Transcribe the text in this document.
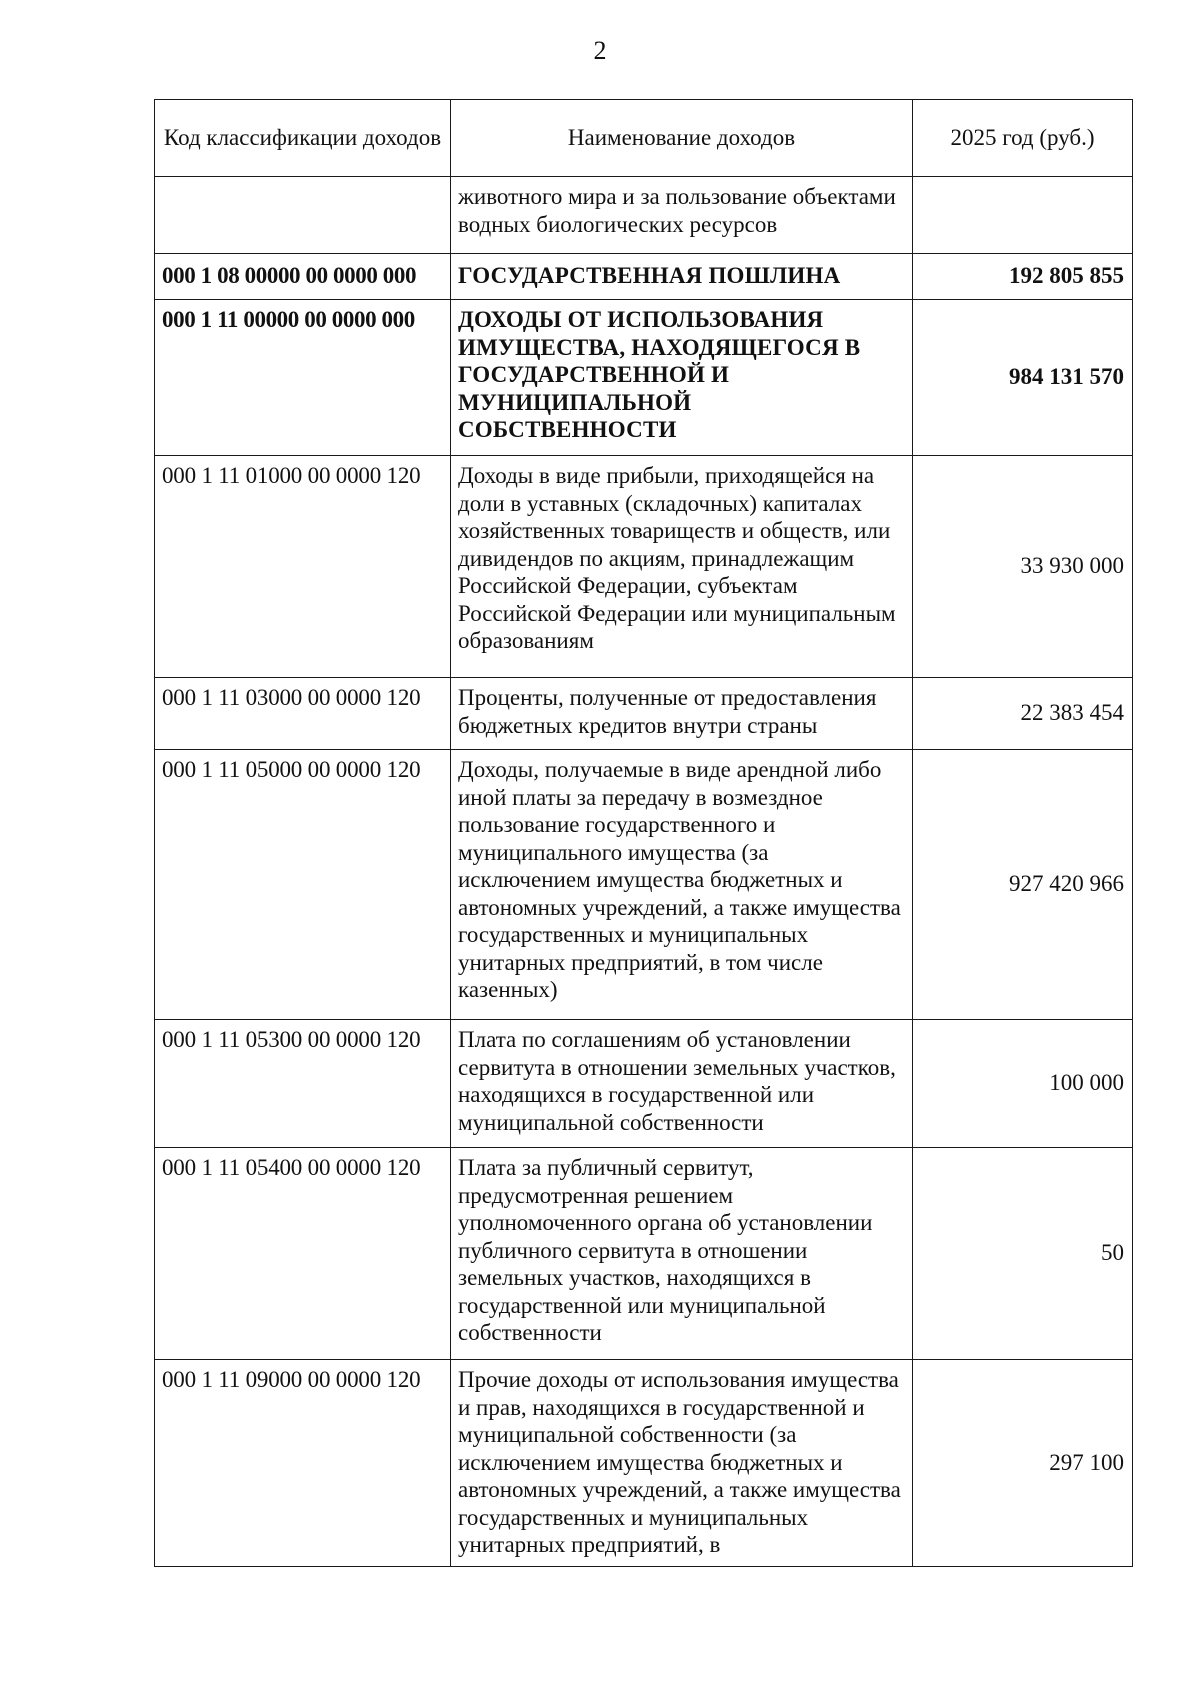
2
Код классификации доходов	Наименование доходов	2025 год (руб.)
	животного мира и за пользование объектами водных биологических ресурсов	
000 1 08 00000 00 0000 000	ГОСУДАРСТВЕННАЯ ПОШЛИНА	192 805 855
000 1 11 00000 00 0000 000	ДОХОДЫ ОТ ИСПОЛЬЗОВАНИЯ ИМУЩЕСТВА, НАХОДЯЩЕГОСЯ В ГОСУДАРСТВЕННОЙ И МУНИЦИПАЛЬНОЙ СОБСТВЕННОСТИ	984 131 570
000 1 11 01000 00 0000 120	Доходы в виде прибыли, приходящейся на доли в уставных (складочных) капиталах хозяйственных товариществ и обществ, или дивидендов по акциям, принадлежащим Российской Федерации, субъектам Российской Федерации или муниципальным образованиям	33 930 000
000 1 11 03000 00 0000 120	Проценты, полученные от предоставления бюджетных кредитов внутри страны	22 383 454
000 1 11 05000 00 0000 120	Доходы, получаемые в виде арендной либо иной платы за передачу в возмездное пользование государственного и муниципального имущества (за исключением имущества бюджетных и автономных учреждений, а также имущества государственных и муниципальных унитарных предприятий, в том числе казенных)	927 420 966
000 1 11 05300 00 0000 120	Плата по соглашениям об установлении сервитута в отношении земельных участков, находящихся в государственной или муниципальной собственности	100 000
000 1 11 05400 00 0000 120	Плата за публичный сервитут, предусмотренная решением уполномоченного органа об установлении публичного сервитута в отношении земельных участков, находящихся в государственной или муниципальной собственности	50
000 1 11 09000 00 0000 120	Прочие доходы от использования имущества и прав, находящихся в государственной и муниципальной собственности (за исключением имущества бюджетных и автономных учреждений, а также имущества государственных и муниципальных унитарных предприятий, в	297 100
